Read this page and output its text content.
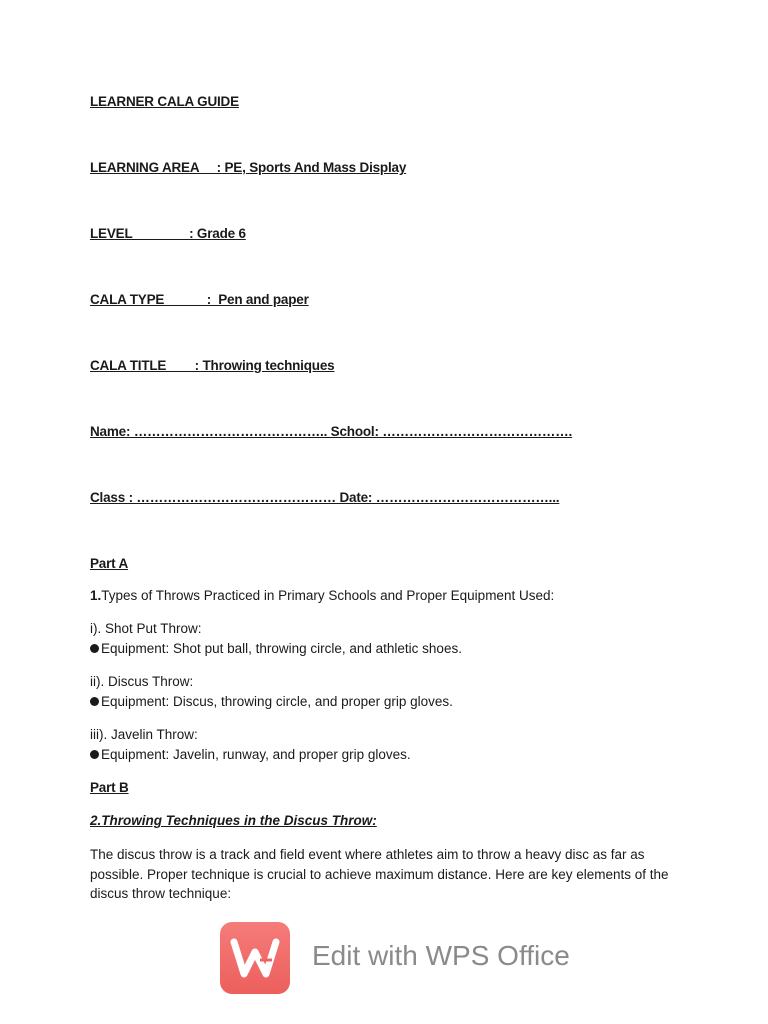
LEARNER CALA GUIDE
LEARNING AREA     : PE, Sports And Mass Display
LEVEL                : Grade 6
CALA TYPE            :  Pen and paper
CALA TITLE        : Throwing techniques
Name: …………………………………….. School: …………………………………….
Class : ……………………………………… Date: …………………………………...
Part A
1.Types of Throws Practiced in Primary Schools and Proper Equipment Used:
i). Shot Put Throw:
Equipment: Shot put ball, throwing circle, and athletic shoes.
ii). Discus Throw:
Equipment: Discus, throwing circle, and proper grip gloves.
iii). Javelin Throw:
Equipment: Javelin, runway, and proper grip gloves.
Part B
2.Throwing Techniques in the Discus Throw:
The discus throw is a track and field event where athletes aim to throw a heavy disc as far as possible. Proper technique is crucial to achieve maximum distance. Here are key elements of the discus throw technique:
Edit with WPS Office
